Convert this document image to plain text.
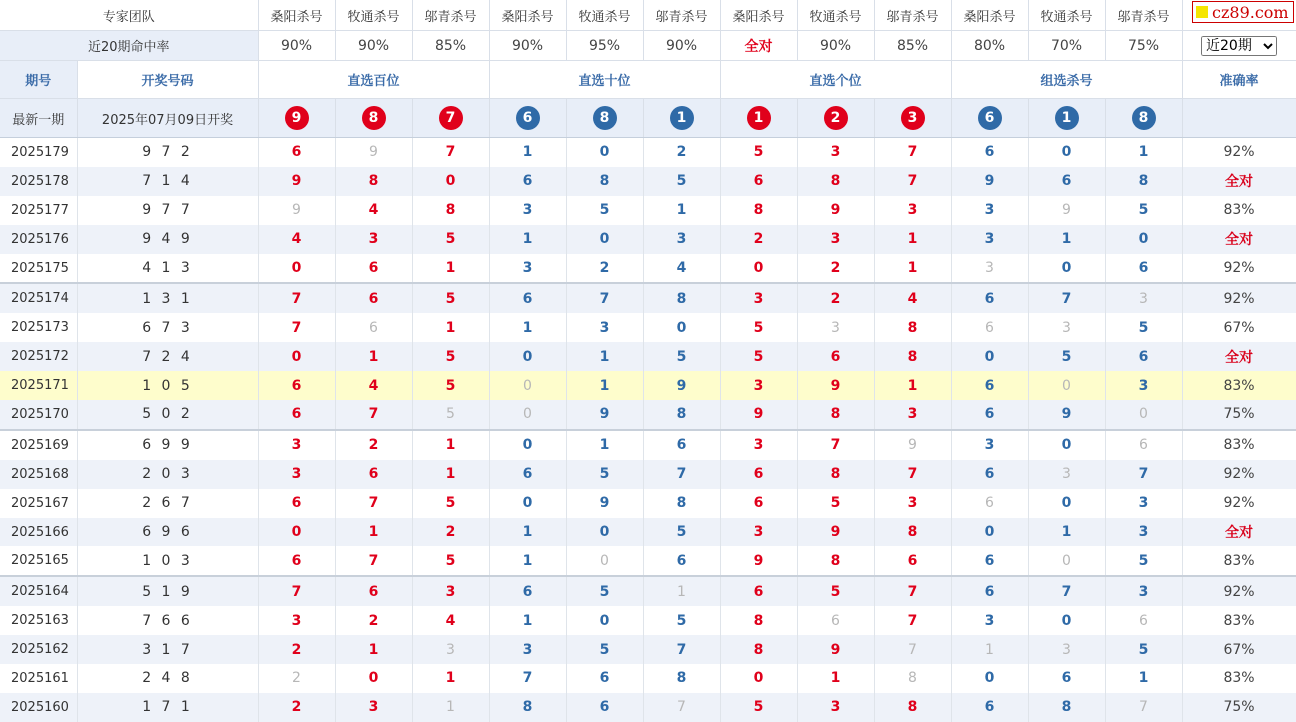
cz89.com
专家团队		桑阳杀号	牧通杀号	邬青杀号	桑阳杀号	牧通杀号	邬青杀号	桑阳杀号	牧通杀号	邬青杀号	桑阳杀号	牧通杀号	邬青杀号	
近20期命中率		90%	90%	85%	90%	95%	90%	全对	90%	85%	80%	70%	75%	
近20期
期号	开奖号码	直选百位			直选十位			直选个位			组选杀号			准确率
最新一期	2025年07月09日开奖	9	8	7	6	8	1	1	2	3	6	1	8	
2025179	9 7 2	6	9	7	1	0	2	5	3	7	6	0	1	92%
2025178	7 1 4	9	8	0	6	8	5	6	8	7	9	6	8	全对
2025177	9 7 7	9	4	8	3	5	1	8	9	3	3	9	5	83%
2025176	9 4 9	4	3	5	1	0	3	2	3	1	3	1	0	全对
2025175	4 1 3	0	6	1	3	2	4	0	2	1	3	0	6	92%
2025174	1 3 1	7	6	5	6	7	8	3	2	4	6	7	3	92%
2025173	6 7 3	7	6	1	1	3	0	5	3	8	6	3	5	67%
2025172	7 2 4	0	1	5	0	1	5	5	6	8	0	5	6	全对
2025171	1 0 5	6	4	5	0	1	9	3	9	1	6	0	3	83%
2025170	5 0 2	6	7	5	0	9	8	9	8	3	6	9	0	75%
2025169	6 9 9	3	2	1	0	1	6	3	7	9	3	0	6	83%
2025168	2 0 3	3	6	1	6	5	7	6	8	7	6	3	7	92%
2025167	2 6 7	6	7	5	0	9	8	6	5	3	6	0	3	92%
2025166	6 9 6	0	1	2	1	0	5	3	9	8	0	1	3	全对
2025165	1 0 3	6	7	5	1	0	6	9	8	6	6	0	5	83%
2025164	5 1 9	7	6	3	6	5	1	6	5	7	6	7	3	92%
2025163	7 6 6	3	2	4	1	0	5	8	6	7	3	0	6	83%
2025162	3 1 7	2	1	3	3	5	7	8	9	7	1	3	5	67%
2025161	2 4 8	2	0	1	7	6	8	0	1	8	0	6	1	83%
2025160	1 7 1	2	3	1	8	6	7	5	3	8	6	8	7	75%
